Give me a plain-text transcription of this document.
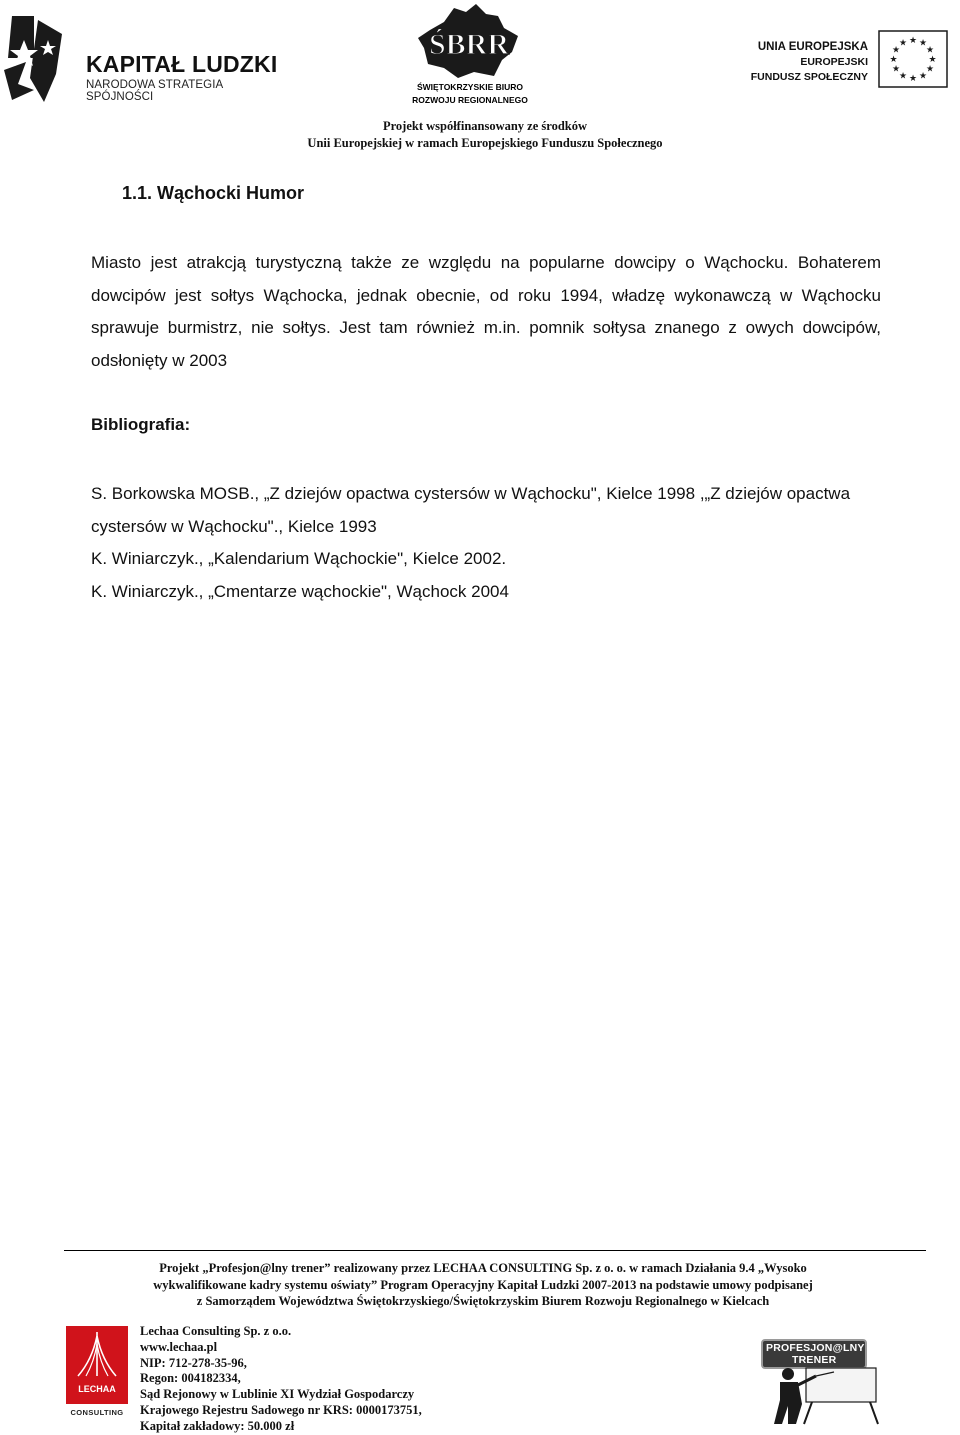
KAPITAŁ LUDZKI
NARODOWA STRATEGIA SPÓJNOŚCI
ŚBRR
ŚWIĘTOKRZYSKIE BIURO
ROZWOJU REGIONALNEGO
UNIA EUROPEJSKA
EUROPEJSKI
FUNDUSZ SPOŁECZNY
★ ★
★
★
★
★
★
★
★
★
★
★
Projekt współfinansowany ze środków
Unii Europejskiej w ramach Europejskiego Funduszu Społecznego
1.1. Wąchocki Humor

Miasto jest atrakcją turystyczną także ze względu na popularne dowcipy o Wąchocku. Bohaterem dowcipów jest sołtys Wąchocka, jednak obecnie, od roku 1994, władzę wykonawczą w Wąchocku sprawuje burmistrz, nie sołtys. Jest tam również m.in. pomnik sołtysa znanego z owych dowcipów, odsłonięty w 2003

Bibliografia:
S. Borkowska MOSB., „Z dziejów opactwa cystersów w Wąchocku", Kielce 1998 ,„Z dziejów opactwa cystersów w Wąchocku"., Kielce 1993
K. Winiarczyk., „Kalendarium Wąchockie", Kielce 2002.
K. Winiarczyk., „Cmentarze wąchockie", Wąchock 2004
Projekt „Profesjon@lny trener” realizowany przez LECHAA CONSULTING Sp. z o. o. w ramach Działania 9.4 „Wysoko
wykwalifikowane kadry systemu oświaty” Program Operacyjny Kapitał Ludzki 2007-2013 na podstawie umowy podpisanej
z Samorządem Województwa Świętokrzyskiego/Świętokrzyskim Biurem Rozwoju Regionalnego w Kielcach
LECHAA
CONSULTING
Lechaa Consulting Sp. z o.o.
www.lechaa.pl
NIP: 712-278-35-96,
Regon: 004182334,
Sąd Rejonowy w Lublinie XI Wydział Gospodarczy
Krajowego Rejestru Sadowego nr KRS: 0000173751,
Kapitał zakładowy: 50.000 zł
PROFESJON@LNY
TRENER
